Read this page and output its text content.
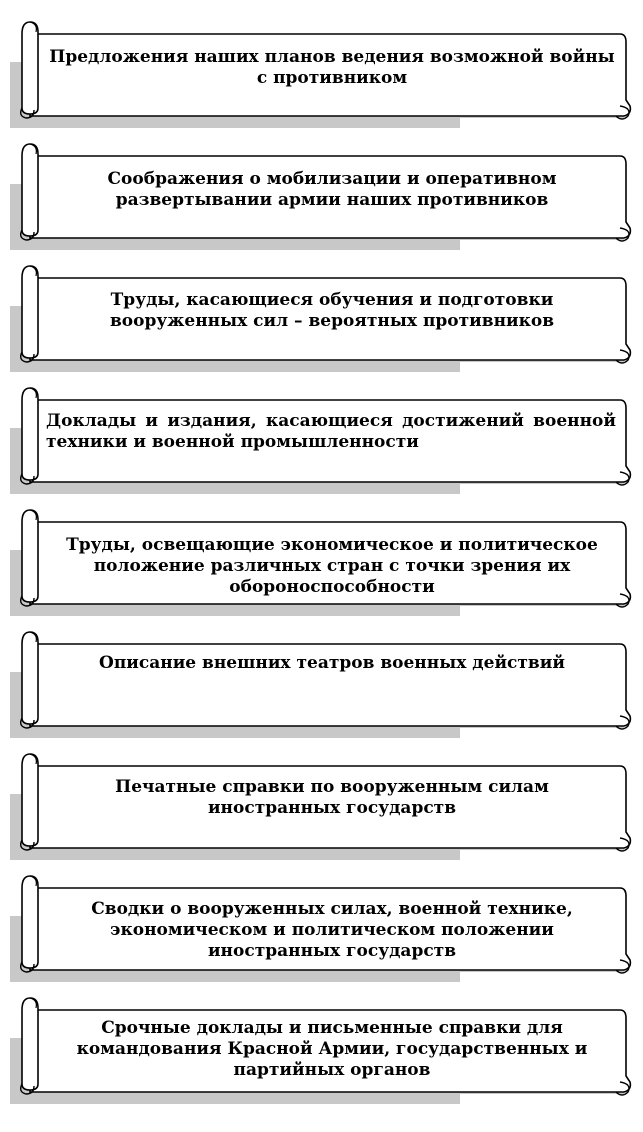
Предложения наших планов ведения возможной войны с противником
Соображения о мобилизации и оперативном развертывании армии наших противников
Труды, касающиеся обучения и подготовки вооруженных сил – вероятных противников
Доклады и издания, касающиеся достижений военной техники и военной промышленности
Труды, освещающие экономическое и политическое положение различных стран с точки зрения их обороноспособности
Описание внешних театров военных действий
Печатные справки по вооруженным силам иностранных государств
Сводки о вооруженных силах, военной технике, экономическом и политическом положении иностранных государств
Срочные доклады и письменные справки для командования Красной Армии, государственных и партийных органов
